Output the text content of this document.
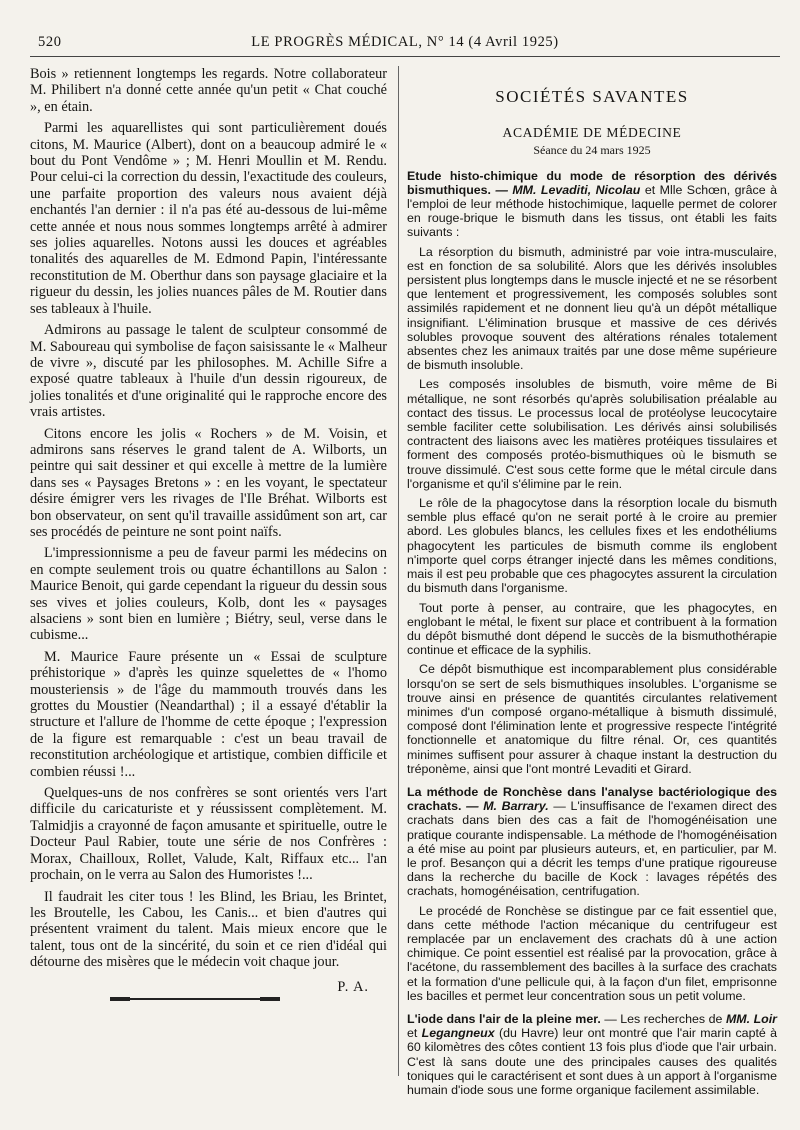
520	LE PROGRÈS MÉDICAL, N° 14 (4 Avril 1925)

Bois » retiennent longtemps les regards. Notre collaborateur M. Philibert n'a donné cette année qu'un petit « Chat couché », en étain.

Parmi les aquarellistes qui sont particulièrement doués citons, M. Maurice (Albert), dont on a beaucoup admiré le « bout du Pont Vendôme » ; M. Henri Moullin et M. Rendu. Pour celui-ci la correction du dessin, l'exactitude des couleurs, une parfaite proportion des valeurs nous avaient déjà enchantés l'an dernier : il n'a pas été au-dessous de lui-même cette année et nous nous sommes longtemps arrêté à admirer ses jolies aquarelles. Notons aussi les douces et agréables tonalités des aquarelles de M. Edmond Papin, l'intéressante reconstitution de M. Oberthur dans son paysage glaciaire et la rigueur du dessin, les jolies nuances pâles de M. Routier dans ses tableaux à l'huile.

Admirons au passage le talent de sculpteur consommé de M. Saboureau qui symbolise de façon saisissante le « Malheur de vivre », discuté par les philosophes. M. Achille Sifre a exposé quatre tableaux à l'huile d'un dessin rigoureux, de jolies tonalités et d'une originalité qui le rapproche encore des vrais artistes.

Citons encore les jolis « Rochers » de M. Voisin, et admirons sans réserves le grand talent de A. Wilborts, un peintre qui sait dessiner et qui excelle à mettre de la lumière dans ses « Paysages Bretons » : en les voyant, le spectateur désire émigrer vers les rivages de l'Ile Bréhat. Wilborts est bon observateur, on sent qu'il travaille assidûment son art, car ses procédés de peinture ne sont point naïfs.

L'impressionnisme a peu de faveur parmi les médecins on en compte seulement trois ou quatre échantillons au Salon : Maurice Benoit, qui garde cependant la rigueur du dessin sous ses vives et jolies couleurs, Kolb, dont les « paysages alsaciens » sont bien en lumière ; Biétry, seul, verse dans le cubisme...

M. Maurice Faure présente un « Essai de sculpture préhistorique » d'après les quinze squelettes de « l'homo mousteriensis » de l'âge du mammouth trouvés dans les grottes du Moustier (Neandarthal) ; il a essayé d'établir la structure et l'allure de l'homme de cette époque ; l'expression de la figure est remarquable : c'est un beau travail de reconstitution archéologique et artistique, combien difficile et combien réussi !...

Quelques-uns de nos confrères se sont orientés vers l'art difficile du caricaturiste et y réussissent complètement. M. Talmidjis a crayonné de façon amusante et spirituelle, outre le Docteur Paul Rabier, toute une série de nos Confrères : Morax, Chailloux, Rollet, Valude, Kalt, Riffaux etc... l'an prochain, on le verra au Salon des Humoristes !...

Il faudrait les citer tous ! les Blind, les Briau, les Brintet, les Broutelle, les Cabou, les Canis... et bien d'autres qui présentent vraiment du talent. Mais mieux encore que le talent, tous ont de la sincérité, du soin et ce rien d'idéal qui détourne des misères que le médecin voit chaque jour.

P. A.

SOCIÉTÉS SAVANTES
ACADÉMIE DE MÉDECINE
Séance du 24 mars 1925

Etude histo-chimique du mode de résorption des dérivés bismuthiques. — MM. Levaditi, Nicolau et Mlle Schœn, grâce à l'emploi de leur méthode histochimique, laquelle permet de colorer en rouge-brique le bismuth dans les tissus, ont établi les faits suivants :

La résorption du bismuth, administré par voie intra-musculaire, est en fonction de sa solubilité. Alors que les dérivés insolubles persistent plus longtemps dans le muscle injecté et ne se résorbent que lentement et progressivement, les composés solubles sont assimilés rapidement et ne donnent lieu qu'à un dépôt métallique insignifiant. L'élimination brusque et massive de ces dérivés solubles provoque souvent des altérations rénales totalement absentes chez les animaux traités par une dose même supérieure de bismuth insoluble.

Les composés insolubles de bismuth, voire même de Bi métallique, ne sont résorbés qu'après solubilisation préalable au contact des tissus. Le processus local de protéolyse leucocytaire semble faciliter cette solubilisation. Les dérivés ainsi solubilisés contractent des liaisons avec les matières protéiques tissulaires et forment des composés protéo-bismuthiques où le bismuth se trouve dissimulé. C'est sous cette forme que le métal circule dans l'organisme et qu'il s'élimine par le rein.

Le rôle de la phagocytose dans la résorption locale du bismuth semble plus effacé qu'on ne serait porté à le croire au premier abord. Les globules blancs, les cellules fixes et les endothéliums phagocytent les particules de bismuth comme ils englobent n'importe quel corps étranger injecté dans les mêmes conditions, mais il est peu probable que ces phagocytes assurent la circulation du bismuth dans l'organisme.

Tout porte à penser, au contraire, que les phagocytes, en englobant le métal, le fixent sur place et contribuent à la formation du dépôt bismuthé dont dépend le succès de la bismuthothérapie continue et efficace de la syphilis.

Ce dépôt bismuthique est incomparablement plus considérable lorsqu'on se sert de sels bismuthiques insolubles. L'organisme se trouve ainsi en présence de quantités circulantes relativement minimes d'un composé organo-métallique à bismuth dissimulé, composé dont l'élimination lente et progressive respecte l'intégrité fonctionnelle et anatomique du filtre rénal. Or, ces quantités minimes suffisent pour assurer à chaque instant la destruction du tréponème, ainsi que l'ont montré Levaditi et Girard.

La méthode de Ronchèse dans l'analyse bactériologique des crachats. — M. Barrary. — L'insuffisance de l'examen direct des crachats dans bien des cas a fait de l'homogénéisation une pratique courante indispensable. La méthode de l'homogénéisation a été mise au point par plusieurs auteurs, et, en particulier, par M. le prof. Besançon qui a décrit les temps d'une pratique rigoureuse dans la recherche du bacille de Kock : lavages répétés des crachats, homogénéisation, centrifugation.

Le procédé de Ronchèse se distingue par ce fait essentiel que, dans cette méthode l'action mécanique du centrifugeur est remplacée par un enclavement des crachats dû à une action chimique. Ce point essentiel est réalisé par la provocation, grâce à l'acétone, du rassemblement des bacilles à la surface des crachats et la formation d'une pellicule qui, à la façon d'un filet, emprisonne les bacilles et permet leur concentration sous un petit volume.

L'iode dans l'air de la pleine mer. — Les recherches de MM. Loir et Legangneux (du Havre) leur ont montré que l'air marin capté à 60 kilomètres des côtes contient 13 fois plus d'iode que l'air urbain. C'est là sans doute une des principales causes des qualités toniques qui le caractérisent et sont dues à un apport à l'organisme humain d'iode sous une forme organique facilement assimilable.
